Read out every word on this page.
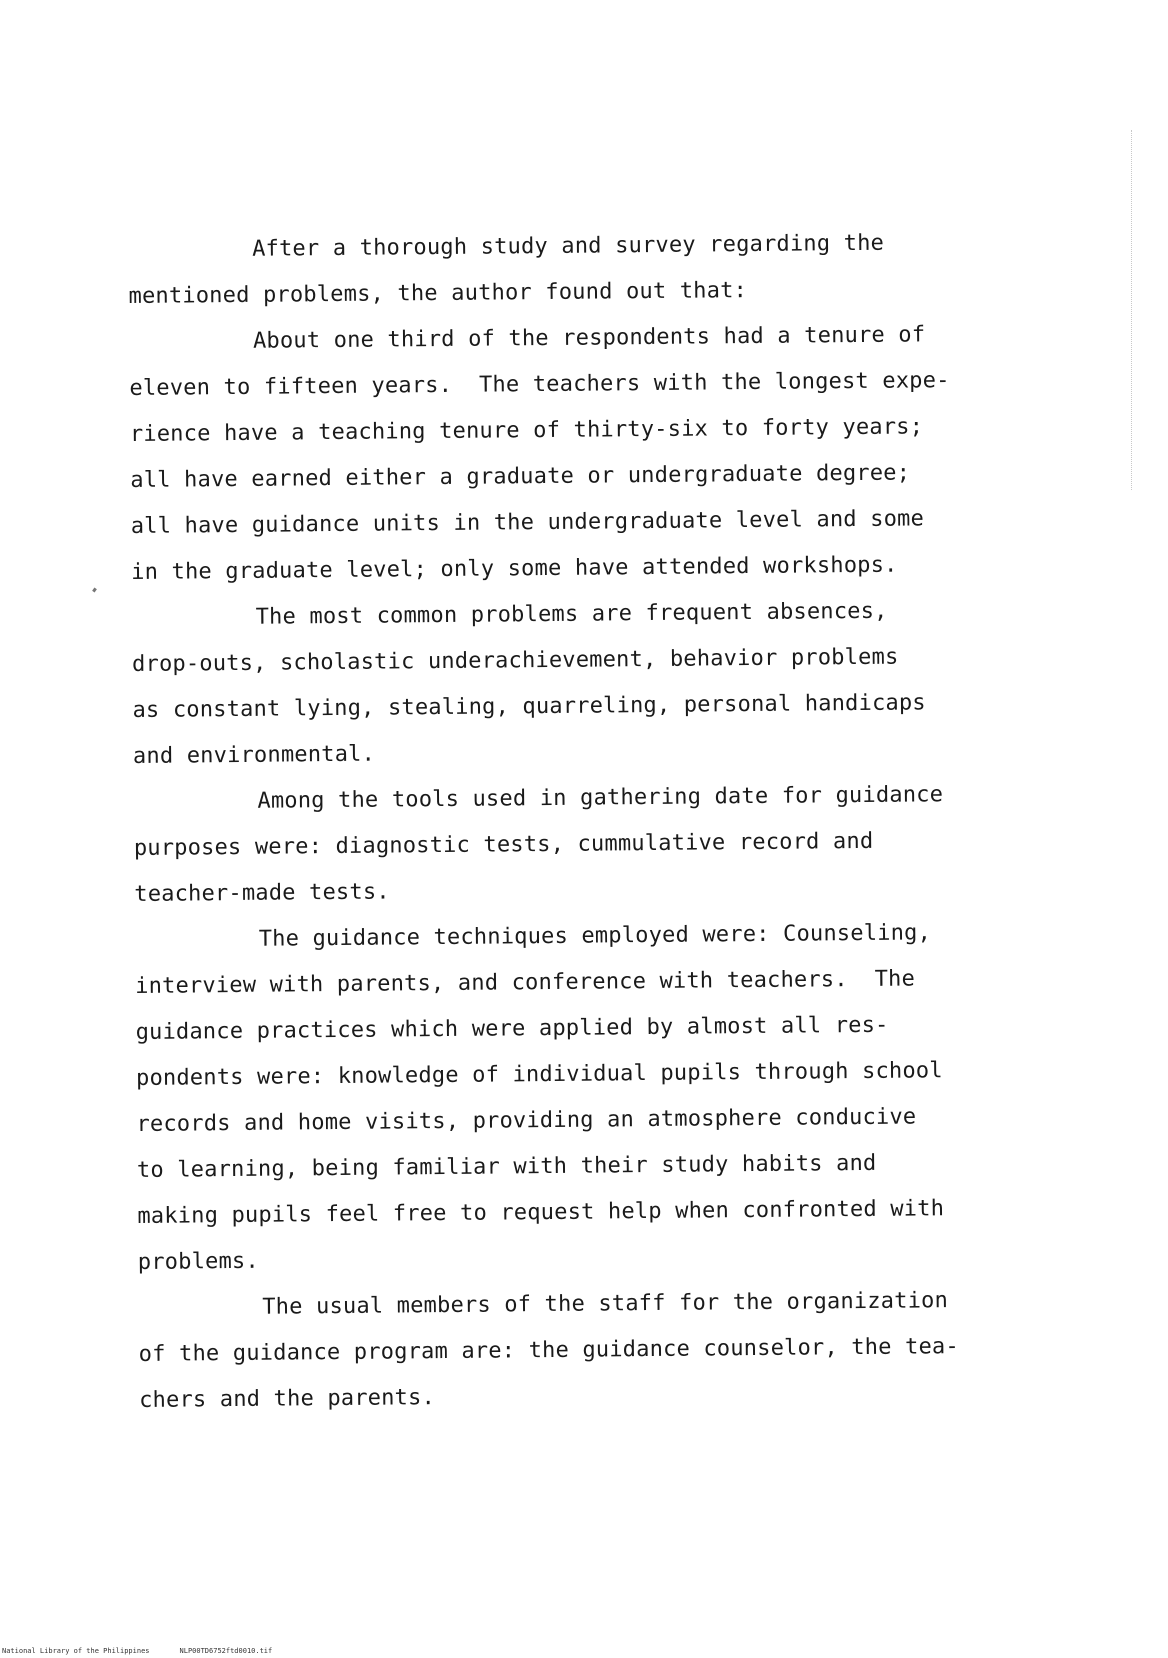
After a thorough study and survey regarding the
mentioned problems, the author found out that:
About one third of the respondents had a tenure of
eleven to fifteen years.  The teachers with the longest expe-
rience have a teaching tenure of thirty-six to forty years;
all have earned either a graduate or undergraduate degree;
all have guidance units in the undergraduate level and some
in the graduate level; only some have attended workshops.
The most common problems are frequent absences,
drop-outs, scholastic underachievement, behavior problems
as constant lying, stealing, quarreling, personal handicaps
and environmental.
Among the tools used in gathering date for guidance
purposes were: diagnostic tests, cummulative record and
teacher-made tests.
The guidance techniques employed were: Counseling,
interview with parents, and conference with teachers.  The
guidance practices which were applied by almost all res-
pondents were: knowledge of individual pupils through school
records and home visits, providing an atmosphere conducive
to learning, being familiar with their study habits and
making pupils feel free to request help when confronted with
problems.
The usual members of the staff for the organization
of the guidance program are: the guidance counselor, the tea-
chers and the parents.
National Library of the Philippines	NLP00TD6752ftd0010.tif
